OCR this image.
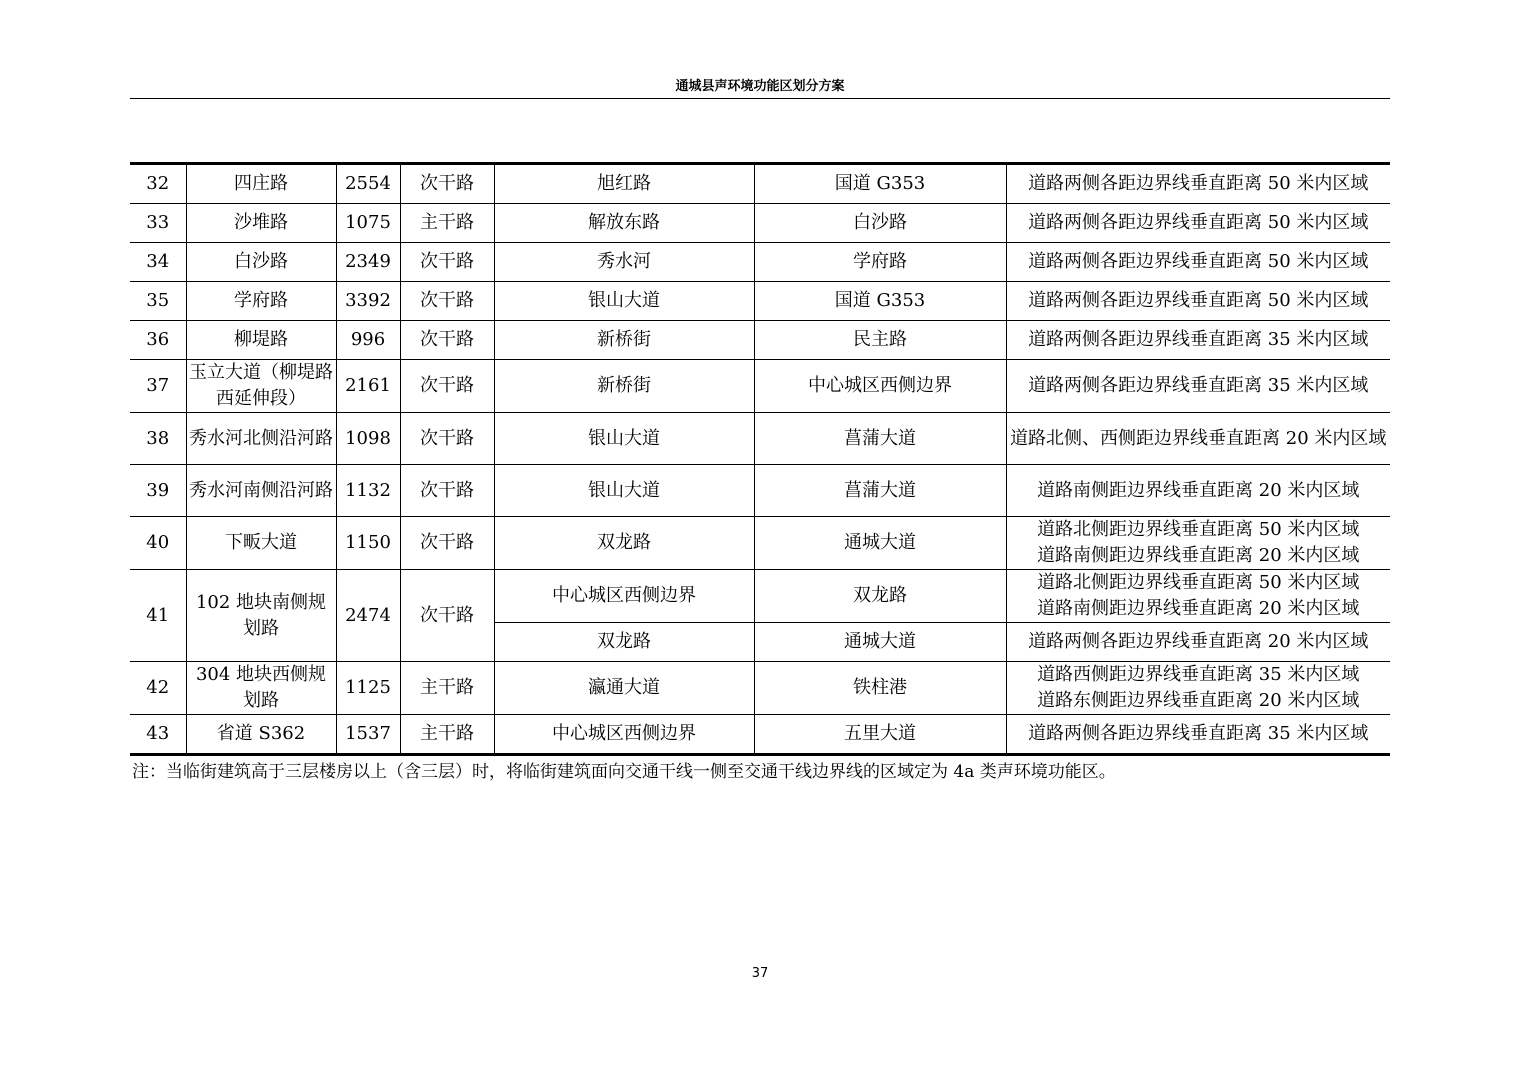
通城县声环境功能区划分方案
32	四庄路	2554	次干路	旭红路	国道 G353	道路两侧各距边界线垂直距离 50 米内区域
33	沙堆路	1075	主干路	解放东路	白沙路	道路两侧各距边界线垂直距离 50 米内区域
34	白沙路	2349	次干路	秀水河	学府路	道路两侧各距边界线垂直距离 50 米内区域
35	学府路	3392	次干路	银山大道	国道 G353	道路两侧各距边界线垂直距离 50 米内区域
36	柳堤路	996	次干路	新桥街	民主路	道路两侧各距边界线垂直距离 35 米内区域
37	玉立大道（柳堤路西延伸段）	2161	次干路	新桥街	中心城区西侧边界	道路两侧各距边界线垂直距离 35 米内区域
38	秀水河北侧沿河路	1098	次干路	银山大道	菖蒲大道	道路北侧、西侧距边界线垂直距离 20 米内区域
39	秀水河南侧沿河路	1132	次干路	银山大道	菖蒲大道	道路南侧距边界线垂直距离 20 米内区域
40	下畈大道	1150	次干路	双龙路	通城大道	道路北侧距边界线垂直距离 50 米内区域
道路南侧距边界线垂直距离 20 米内区域

41	102 地块南侧规划路	2474	次干路	中心城区西侧边界	双龙路	道路北侧距边界线垂直距离 50 米内区域
道路南侧距边界线垂直距离 20 米内区域

				双龙路	通城大道	道路两侧各距边界线垂直距离 20 米内区域
42	304 地块西侧规划路	1125	主干路	瀛通大道	铁柱港	道路西侧距边界线垂直距离 35 米内区域
道路东侧距边界线垂直距离 20 米内区域

43	省道 S362	1537	主干路	中心城区西侧边界	五里大道	道路两侧各距边界线垂直距离 35 米内区域
注：当临街建筑高于三层楼房以上（含三层）时，将临街建筑面向交通干线一侧至交通干线边界线的区域定为 4a 类声环境功能区。
37
